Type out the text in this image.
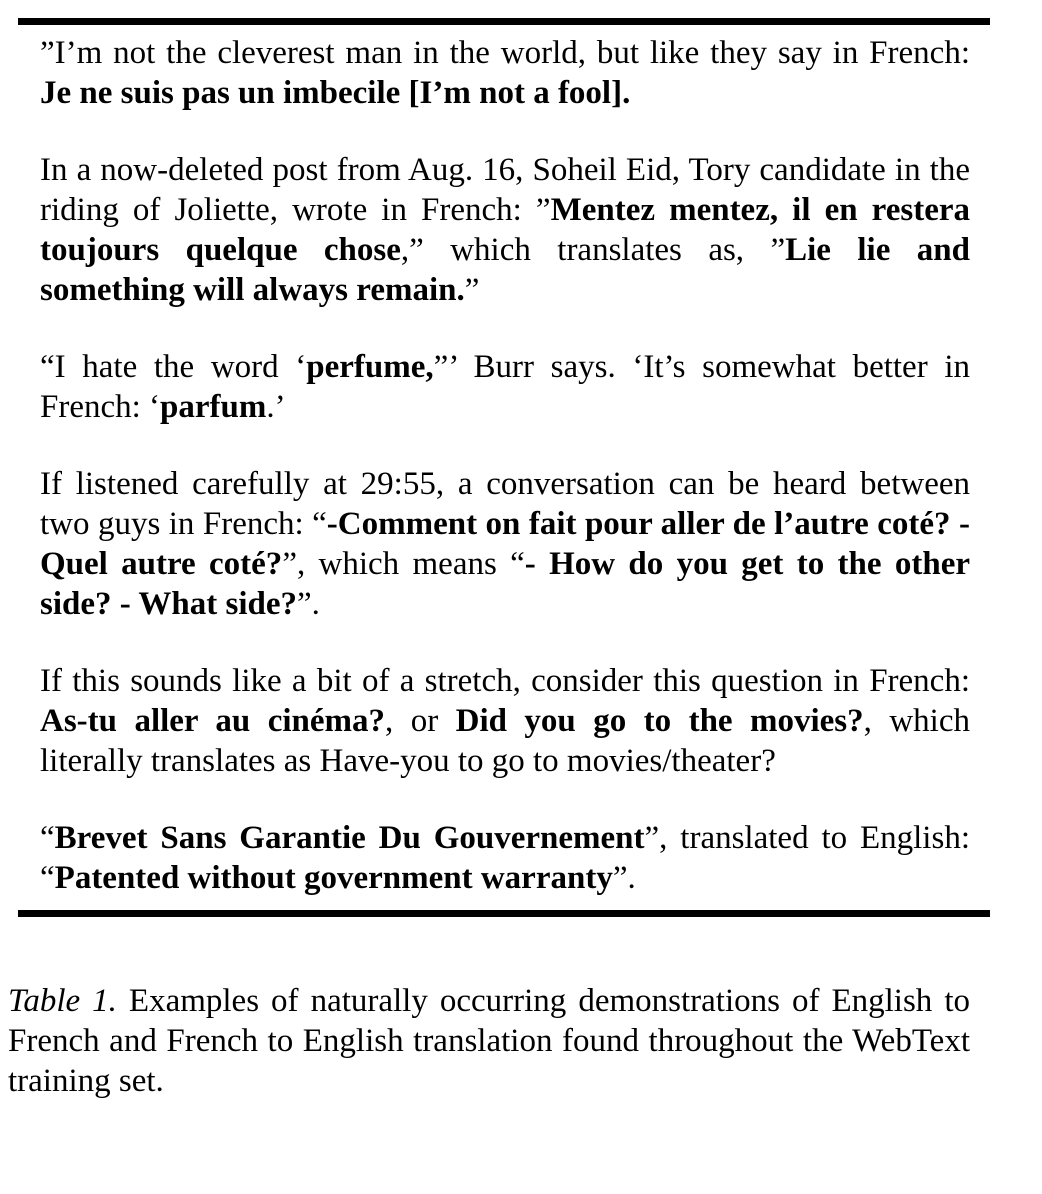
”I’m not the cleverest man in the world, but like they say in French: Je ne suis pas un imbecile [I’m not a fool].

In a now-deleted post from Aug. 16, Soheil Eid, Tory candidate in the riding of Joliette, wrote in French: ”Mentez mentez, il en restera toujours quelque chose,” which translates as, ”Lie lie and something will always remain.”

“I hate the word ‘perfume,”’ Burr says. ‘It’s somewhat better in French: ‘parfum.’

If listened carefully at 29:55, a conversation can be heard between two guys in French: “-Comment on fait pour aller de l’autre coté? -Quel autre coté?”, which means “- How do you get to the other side? - What side?”.

If this sounds like a bit of a stretch, consider this question in French: As-tu aller au cinéma?, or Did you go to the movies?, which literally translates as Have-you to go to movies/theater?

“Brevet Sans Garantie Du Gouvernement”, translated to English: “Patented without government warranty”.

Table 1. Examples of naturally occurring demonstrations of English to French and French to English translation found throughout the WebText training set.
